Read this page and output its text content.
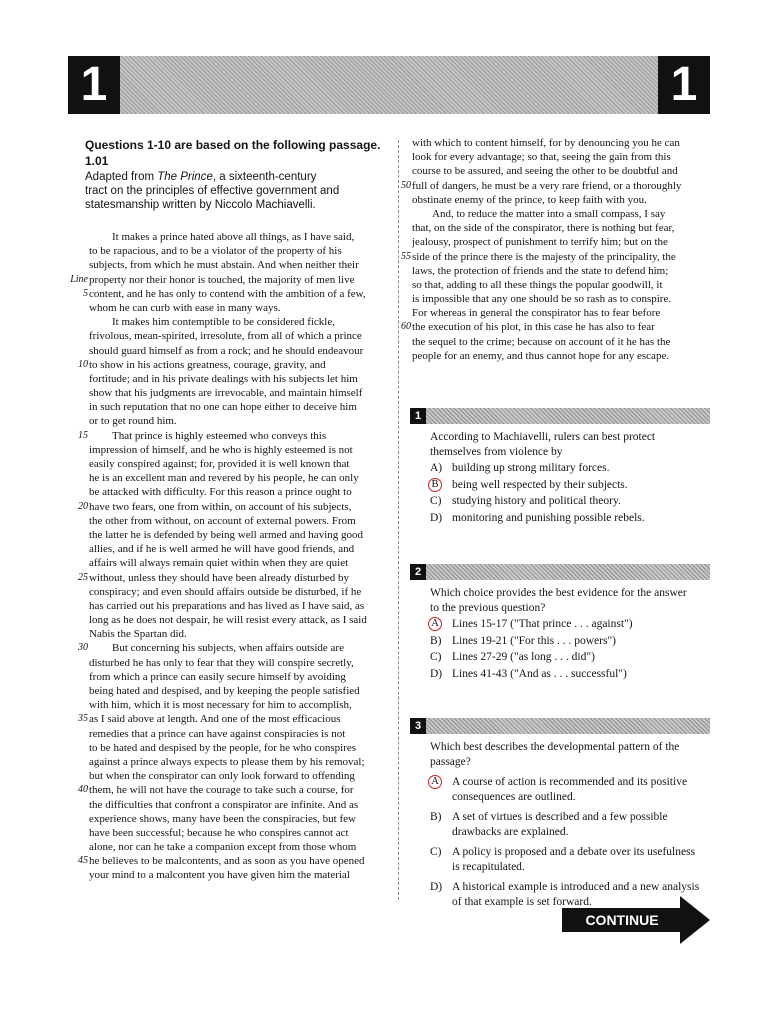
1	1
Questions 1-10 are based on the following passage.
1.01
Adapted from The Prince, a sixteenth-century
tract on the principles of effective government and
statesmanship written by Niccolo Machiavelli.
It makes a prince hated above all things, as I have said,
to be rapacious, and to be a violator of the property of his
subjects, from which he must abstain. And when neither their
Line property nor their honor is touched, the majority of men live
5 content, and he has only to contend with the ambition of a few,
whom he can curb with ease in many ways.
It makes him contemptible to be considered fickle,
frivolous, mean-spirited, irresolute, from all of which a prince
should guard himself as from a rock; and he should endeavour
10 to show in his actions greatness, courage, gravity, and
fortitude; and in his private dealings with his subjects let him
show that his judgments are irrevocable, and maintain himself
in such reputation that no one can hope either to deceive him
or to get round him.
15 That prince is highly esteemed who conveys this
impression of himself, and he who is highly esteemed is not
easily conspired against; for, provided it is well known that
he is an excellent man and revered by his people, he can only
be attacked with difficulty. For this reason a prince ought to
20 have two fears, one from within, on account of his subjects,
the other from without, on account of external powers. From
the latter he is defended by being well armed and having good
allies, and if he is well armed he will have good friends, and
affairs will always remain quiet within when they are quiet
25 without, unless they should have been already disturbed by
conspiracy; and even should affairs outside be disturbed, if he
has carried out his preparations and has lived as I have said, as
long as he does not despair, he will resist every attack, as I said
Nabis the Spartan did.
30 But concerning his subjects, when affairs outside are
disturbed he has only to fear that they will conspire secretly,
from which a prince can easily secure himself by avoiding
being hated and despised, and by keeping the people satisfied
with him, which it is most necessary for him to accomplish,
35 as I said above at length. And one of the most efficacious
remedies that a prince can have against conspiracies is not
to be hated and despised by the people, for he who conspires
against a prince always expects to please them by his removal;
but when the conspirator can only look forward to offending
40 them, he will not have the courage to take such a course, for
the difficulties that confront a conspirator are infinite. And as
experience shows, many have been the conspiracies, but few
have been successful; because he who conspires cannot act
alone, nor can he take a companion except from those whom
45 he believes to be malcontents, and as soon as you have opened
your mind to a malcontent you have given him the material
with which to content himself, for by denouncing you he can
look for every advantage; so that, seeing the gain from this
course to be assured, and seeing the other to be doubtful and
50 full of dangers, he must be a very rare friend, or a thoroughly
obstinate enemy of the prince, to keep faith with you.
And, to reduce the matter into a small compass, I say
that, on the side of the conspirator, there is nothing but fear,
jealousy, prospect of punishment to terrify him; but on the
55 side of the prince there is the majesty of the principality, the
laws, the protection of friends and the state to defend him;
so that, adding to all these things the popular goodwill, it
is impossible that any one should be so rash as to conspire.
For whereas in general the conspirator has to fear before
60 the execution of his plot, in this case he has also to fear
the sequel to the crime; because on account of it he has the
people for an enemy, and thus cannot hope for any escape.
1
According to Machiavelli, rulers can best protect
themselves from violence by
A) building up strong military forces.
B	being well respected by their subjects.
C) studying history and political theory.
D) monitoring and punishing possible rebels.
2
Which choice provides the best evidence for the answer
to the previous question?
A Lines 15-17 ("That prince . . . against")
B) Lines 19-21 ("For this . . . powers")
C) Lines 27-29 ("as long . . . did")
D) Lines 41-43 ("And as . . . successful")
3
Which best describes the developmental pattern of the
passage?
A A course of action is recommended and its positive
consequences are outlined.
B) A set of virtues is described and a few possible
drawbacks are explained.
C) A policy is proposed and a debate over its usefulness
is recapitulated.
D) A historical example is introduced and a new analysis
of that example is set forward.
CONTINUE
